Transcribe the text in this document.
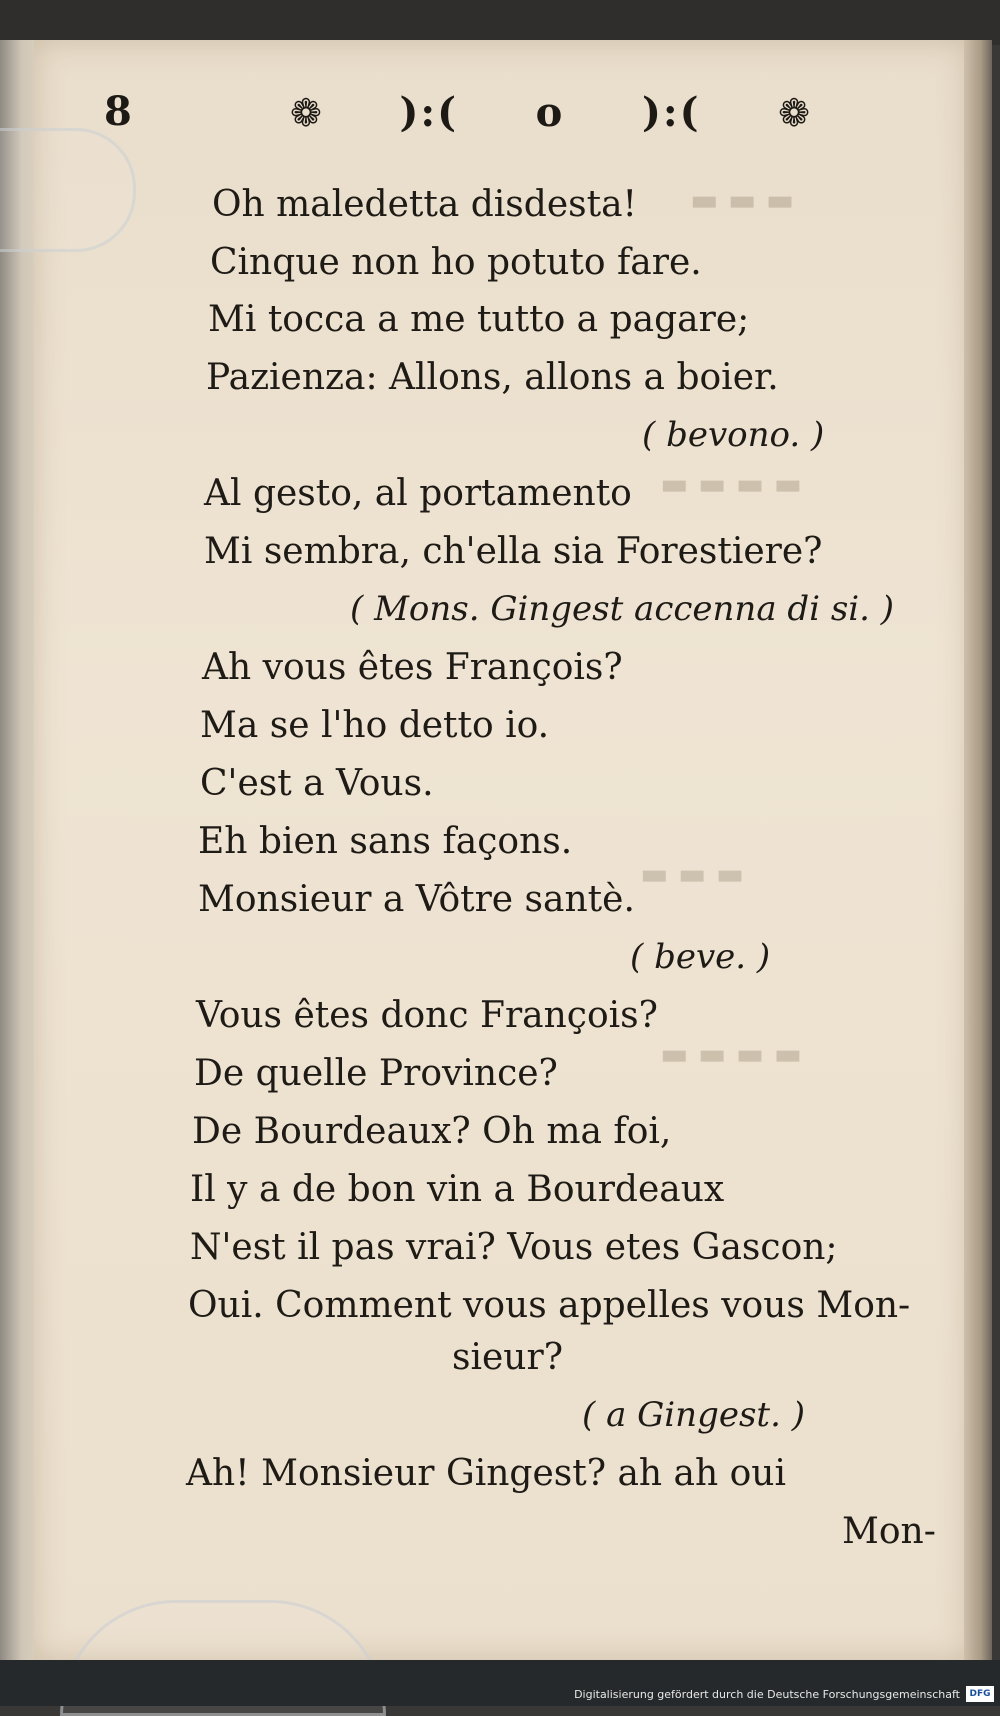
▬ ▬ ▬
▬ ▬ ▬ ▬
▬ ▬ ▬
▬ ▬ ▬ ▬
8	❁ ):( o ):( ❁
Oh maledetta disdesta!
Cinque non ho potuto fare.
Mi tocca a me tutto a pagare;
Pazienza: Allons, allons a boier.
( bevono. )
Al gesto, al portamento
Mi sembra, ch'ella sia Forestiere?
( Mons. Gingest accenna di si. )
Ah vous êtes François?
Ma se l'ho detto io.
C'est a Vous.
Eh bien sans façons.
Monsieur a Vôtre santè.
( beve. )
Vous êtes donc François?
De quelle Province?
De Bourdeaux? Oh ma foi,
Il y a de bon vin a Bourdeaux
N'est il pas vrai? Vous etes Gascon;
Oui. Comment vous appelles vous Mon-
sieur?
( a Gingest. )
Ah! Monsieur Gingest? ah ah oui
Mon-
Digitalisierung gefördert durch die Deutsche Forschungsgemeinschaft	DFG
